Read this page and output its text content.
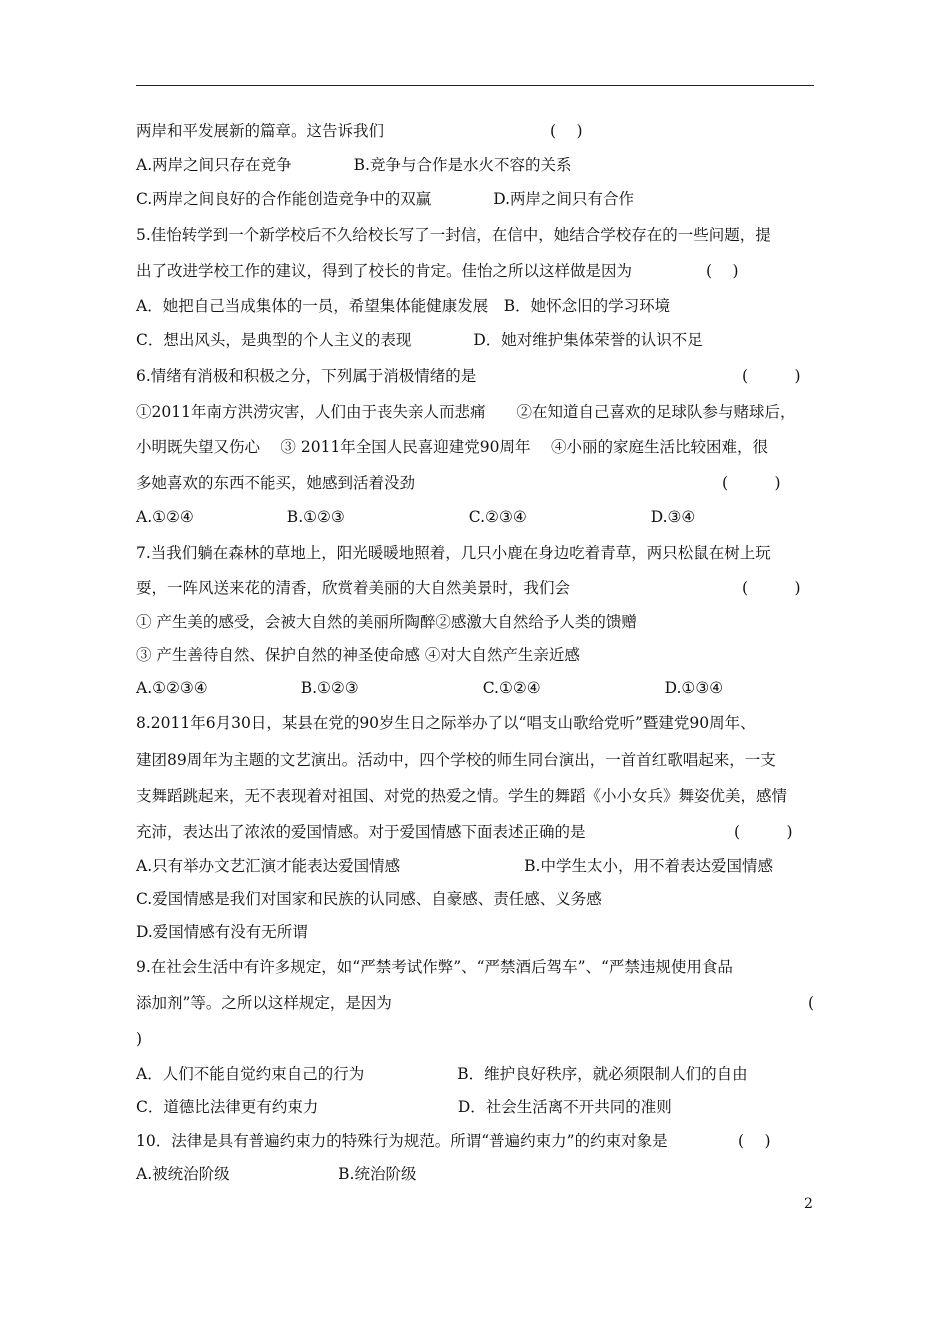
两岸和平发展新的篇章。这告诉我们	(　 )
A.两岸之间只存在竞争　　　　B.竞争与合作是水火不容的关系
C.两岸之间良好的合作能创造竞争中的双赢　　　　D.两岸之间只有合作
5.佳怡转学到一个新学校后不久给校长写了一封信，在信中，她结合学校存在的一些问题，提
出了改进学校工作的建议，得到了校长的肯定。佳怡之所以这样做是因为	(　 )
A．她把自己当成集体的一员，希望集体能健康发展　B．她怀念旧的学习环境
C．想出风头，是典型的个人主义的表现　　　　D．她对维护集体荣誉的认识不足
6.情绪有消极和积极之分，下列属于消极情绪的是	(　　　)
①2011年南方洪涝灾害，人们由于丧失亲人而悲痛　　②在知道自己喜欢的足球队参与赌球后，
小明既失望又伤心　 ③ 2011年全国人民喜迎建党90周年　 ④小丽的家庭生活比较困难，很
多她喜欢的东西不能买，她感到活着没劲	(　　　)
A.①②④　　　　　　B.①②③　　　　　　　　C.②③④　　　　　　　　D.③④
7.当我们躺在森林的草地上，阳光暖暖地照着，几只小鹿在身边吃着青草，两只松鼠在树上玩
耍，一阵风送来花的清香，欣赏着美丽的大自然美景时，我们会	(　　　)
① 产生美的感受，会被大自然的美丽所陶醉②感激大自然给予人类的馈赠
③ 产生善待自然、保护自然的神圣使命感 ④对大自然产生亲近感
A.①②③④　　　　　　B.①②③　　　　　　　　C.①②④　　　　　　　　D.①③④
8.2011年6月30日，某县在党的90岁生日之际举办了以“唱支山歌给党听”暨建党90周年、
建团89周年为主题的文艺演出。活动中，四个学校的师生同台演出，一首首红歌唱起来，一支
支舞蹈跳起来，无不表现着对祖国、对党的热爱之情。学生的舞蹈《小小女兵》舞姿优美，感情
充沛，表达出了浓浓的爱国情感。对于爱国情感下面表述正确的是	(　　　)
A.只有举办文艺汇演才能表达爱国情感　　　　　　　　B.中学生太小，用不着表达爱国情感
C.爱国情感是我们对国家和民族的认同感、自豪感、责任感、义务感
D.爱国情感有没有无所谓
9.在社会生活中有许多规定，如“严禁考试作弊”、“严禁酒后驾车”、“严禁违规使用食品
添加剂”等。之所以这样规定，是因为	(
)
A．人们不能自觉约束自己的行为　　　　　　B．维护良好秩序，就必须限制人们的自由
C．道德比法律更有约束力　　　　　　　　　D．社会生活离不开共同的准则
10．法律是具有普遍约束力的特殊行为规范。所谓“普遍约束力”的约束对象是	(　 )
A.被统治阶级　　　　　　　B.统治阶级
2
